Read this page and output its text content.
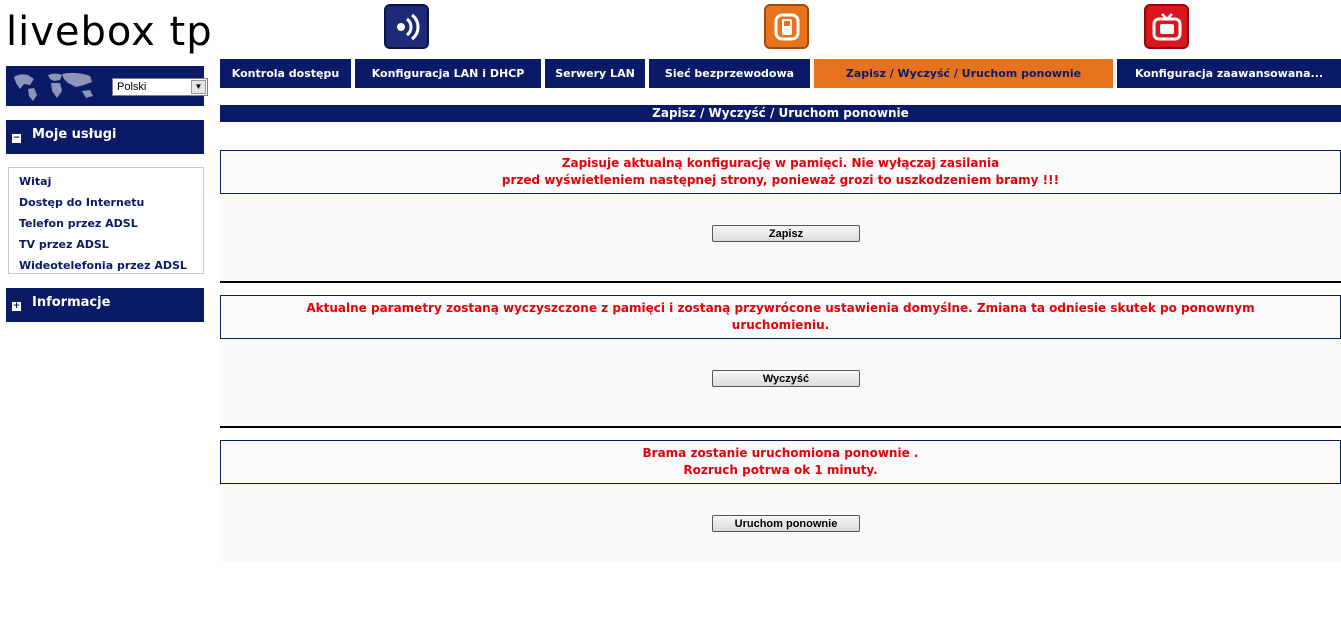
livebox tp
Polski	▼
− Moje usługi
Witaj
Dostęp do Internetu
Telefon przez ADSL
TV przez ADSL
Wideotelefonia przez ADSL
+ Informacje
Kontrola dostępu	Konfiguracja LAN i DHCP	Serwery LAN	Sieć bezprzewodowa	Zapisz / Wyczyść / Uruchom ponownie	Konfiguracja zaawansowana...
Zapisz / Wyczyść / Uruchom ponownie
Zapisuje aktualną konfigurację w pamięci. Nie wyłączaj zasilania
przed wyświetleniem następnej strony, ponieważ grozi to uszkodzeniem bramy !!!
Zapisz
Aktualne parametry zostaną wyczyszczone z pamięci i zostaną przywrócone ustawienia domyślne. Zmiana ta odniesie skutek po ponownym
uruchomieniu.
Wyczyść
Brama zostanie uruchomiona ponownie .
Rozruch potrwa ok 1 minuty.
Uruchom ponownie
